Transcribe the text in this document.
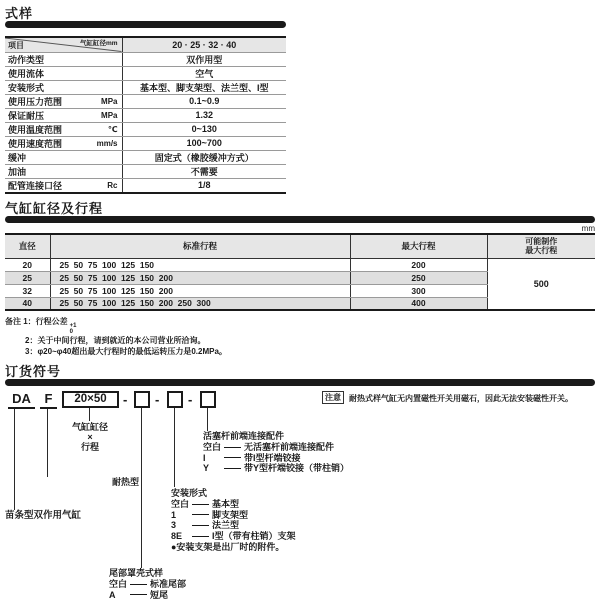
式样
项目 气缸缸径mm	20 · 25 · 32 · 40

动作类型	双作用型

使用流体	空气

安装形式	基本型、脚支架型、法兰型、I型

使用压力范围 MPa	0.1~0.9

保证耐压 MPa	1.32

使用温度范围 ℃	0~130

使用速度范围 mm/s	100~700

缓冲	固定式（橡胶缓冲方式）

加油	不需要

配管连接口径 Rc	1/8
气缸缸径及行程
mm
直径	标准行程	最大行程	可能制作
最大行程

20	25  50  75  100  125  150	200	500
25	25  50  75  100  125  150  200	250	
32	25  50  75  100  125  150  200	300	
40	25  50  75  100  125  150  200  250  300	400	
备注 1：行程公差 +1
0
2：关于中间行程，请到就近的本公司营业所洽询。
3：φ20~φ40超出最大行程时的最低运转压力是0.2MPa。
订货符号
DA	F	20×50	- - -	注意	耐热式样气缸无内置磁性开关用磁石，因此无法安装磁性开关。
气缸缸径
×
行程
活塞杆前端连接配件
空白	无活塞杆前端连接配件
I	带I型杆端铰接
Y	带Y型杆端铰接（带柱销）
耐热型
安装形式
空白	基本型
1	脚支架型
3	法兰型
8E	I型（带有柱销）支架
●安装支架是出厂时的附件。
苗条型双作用气缸
尾部罩壳式样
空白	标准尾部
A	短尾
